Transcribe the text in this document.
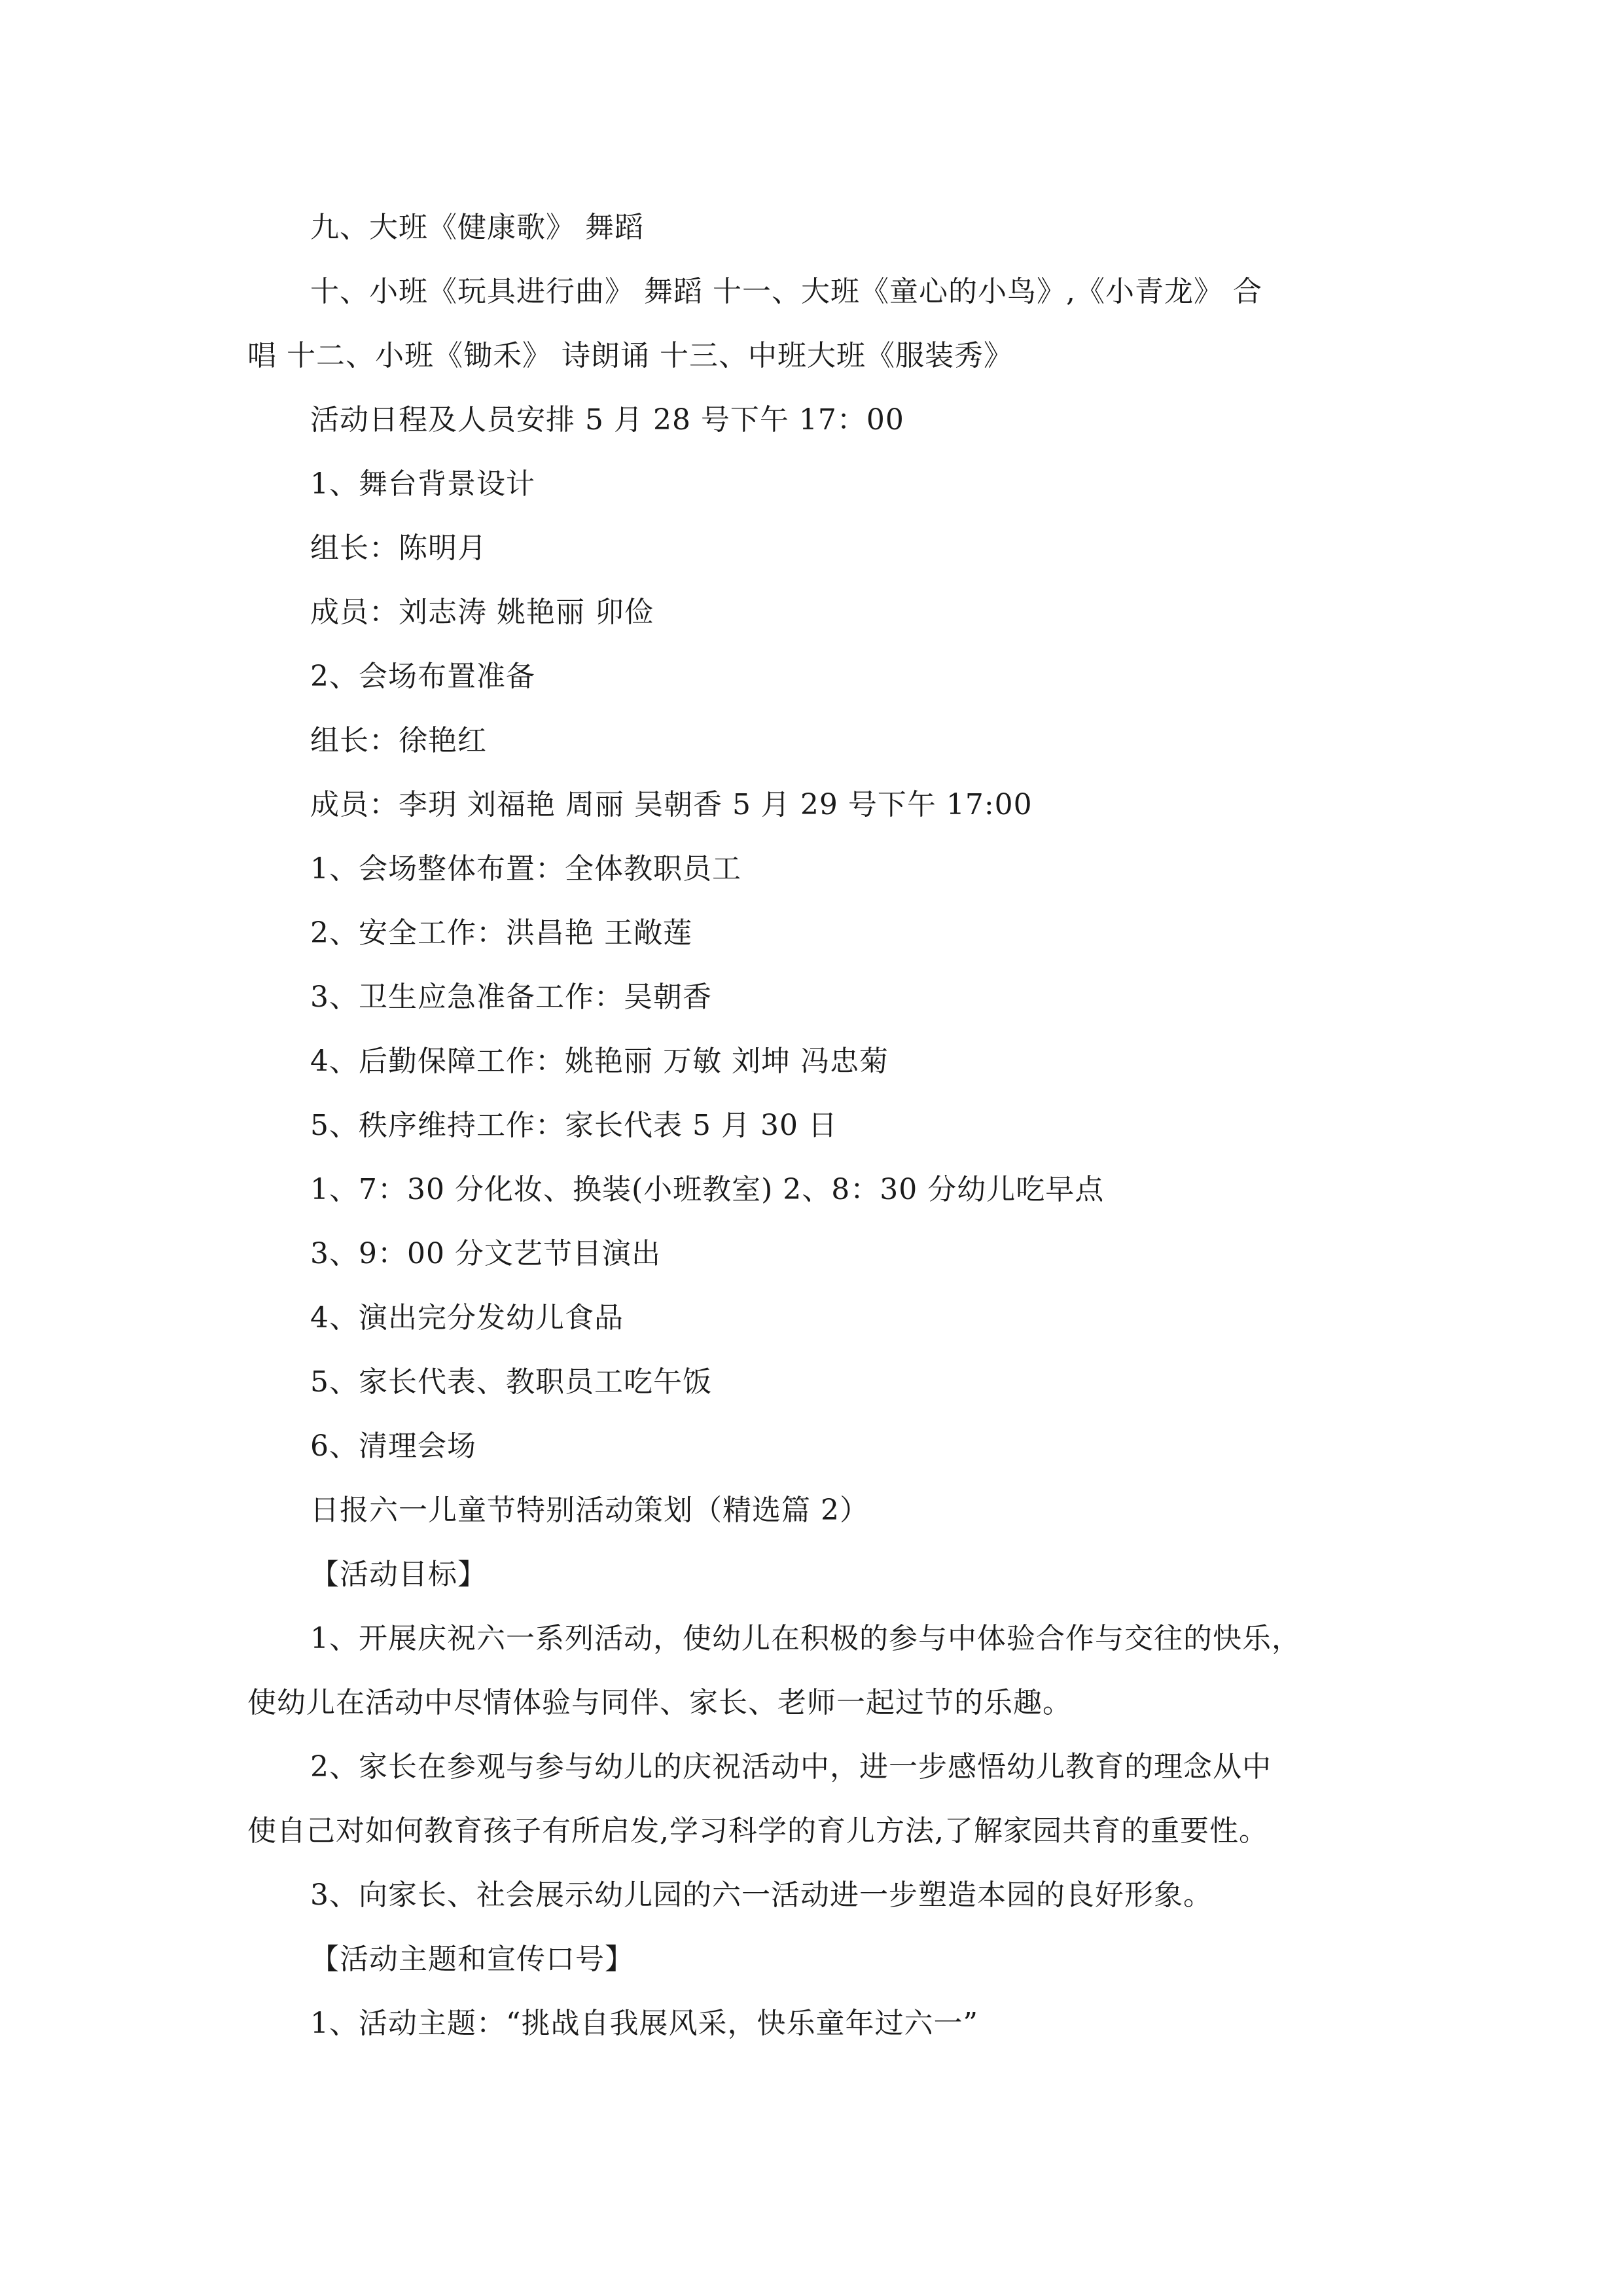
九、大班《健康歌》 舞蹈
十、小班《玩具进行曲》 舞蹈 十一、大班《童心的小鸟》,《小青龙》 合
唱 十二、小班《锄禾》 诗朗诵 十三、中班大班《服装秀》
活动日程及人员安排 5 月 28 号下午 17：00
1、舞台背景设计
组长：陈明月
成员：刘志涛 姚艳丽 卯俭
2、会场布置准备
组长：徐艳红
成员：李玥 刘福艳 周丽 吴朝香 5 月 29 号下午 17:00
1、会场整体布置：全体教职员工
2、安全工作：洪昌艳 王敞莲
3、卫生应急准备工作：吴朝香
4、后勤保障工作：姚艳丽 万敏 刘坤 冯忠菊
5、秩序维持工作：家长代表 5 月 30 日
1、7：30 分化妆、换装(小班教室) 2、8：30 分幼儿吃早点
3、9：00 分文艺节目演出
4、演出完分发幼儿食品
5、家长代表、教职员工吃午饭
6、清理会场
日报六一儿童节特别活动策划（精选篇 2）
【活动目标】
1、开展庆祝六一系列活动，使幼儿在积极的参与中体验合作与交往的快乐，
使幼儿在活动中尽情体验与同伴、家长、老师一起过节的乐趣。
2、家长在参观与参与幼儿的庆祝活动中，进一步感悟幼儿教育的理念从中
使自己对如何教育孩子有所启发,学习科学的育儿方法,了解家园共育的重要性。
3、向家长、社会展示幼儿园的六一活动进一步塑造本园的良好形象。
【活动主题和宣传口号】
1、活动主题：“挑战自我展风采，快乐童年过六一”
